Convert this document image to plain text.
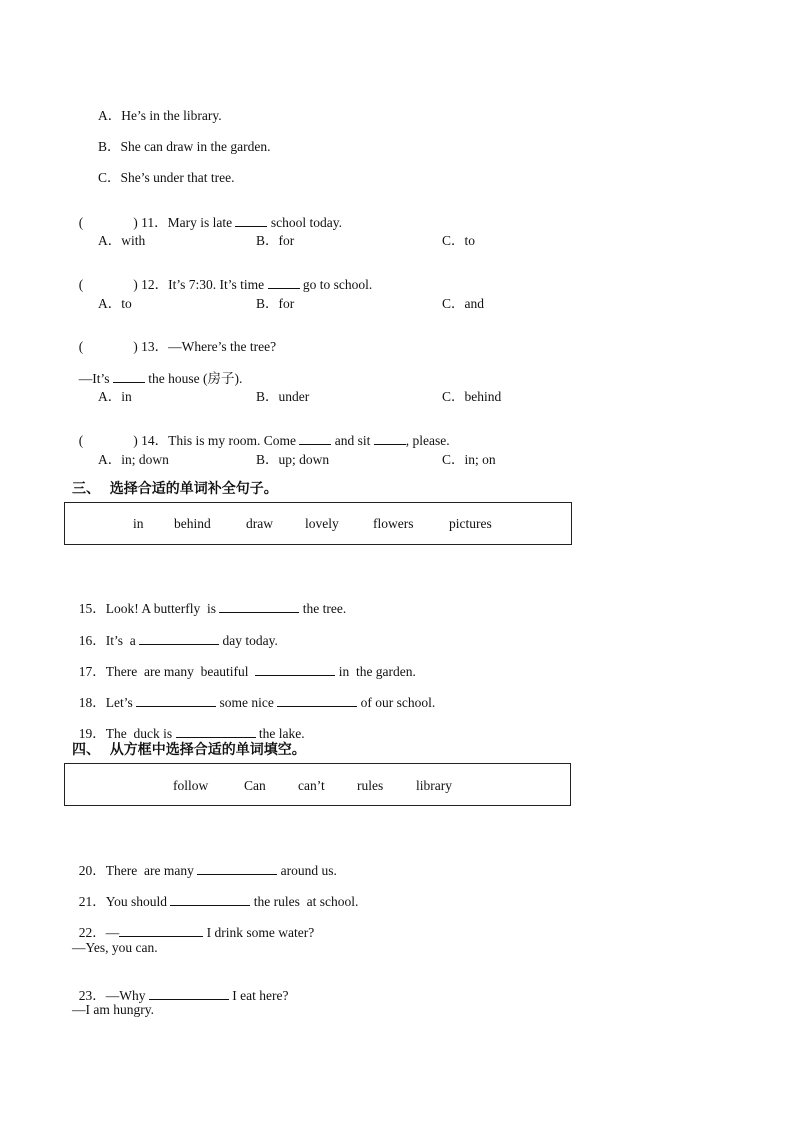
A．He’s in the library.
B．She can draw in the garden.
C．She’s under that tree.

(	) 11．Mary is late  school today.

A．with	B．for	C．to

(	) 12．It’s 7:30. It’s time  go to school.

A．to	B．for	C．and

(	) 13．—Where’s the tree?

—It’s  the house (房子).

A．in	B．under	C．behind

(	) 14．This is my room. Come  and sit , please.

A．in; down	B．up; down	C．in; on
三、  选择合适的单词补全句子。
in behind	draw lovely	flowers	pictures

15．Look! A butterfly  is	the tree.

16．It’s  a	day today.

17．There  are many  beautiful	in  the garden.

18．Let’s	some nice	of our school.

19．The  duck is	the lake.

四、  从方框中选择合适的单词填空。
follow	Can can’t rules library

20．There  are many	around us.

21．You should	the rules  at school.

22．—	I drink some water?

—Yes, you can.

23．—Why	I eat here?

—I am hungry.
